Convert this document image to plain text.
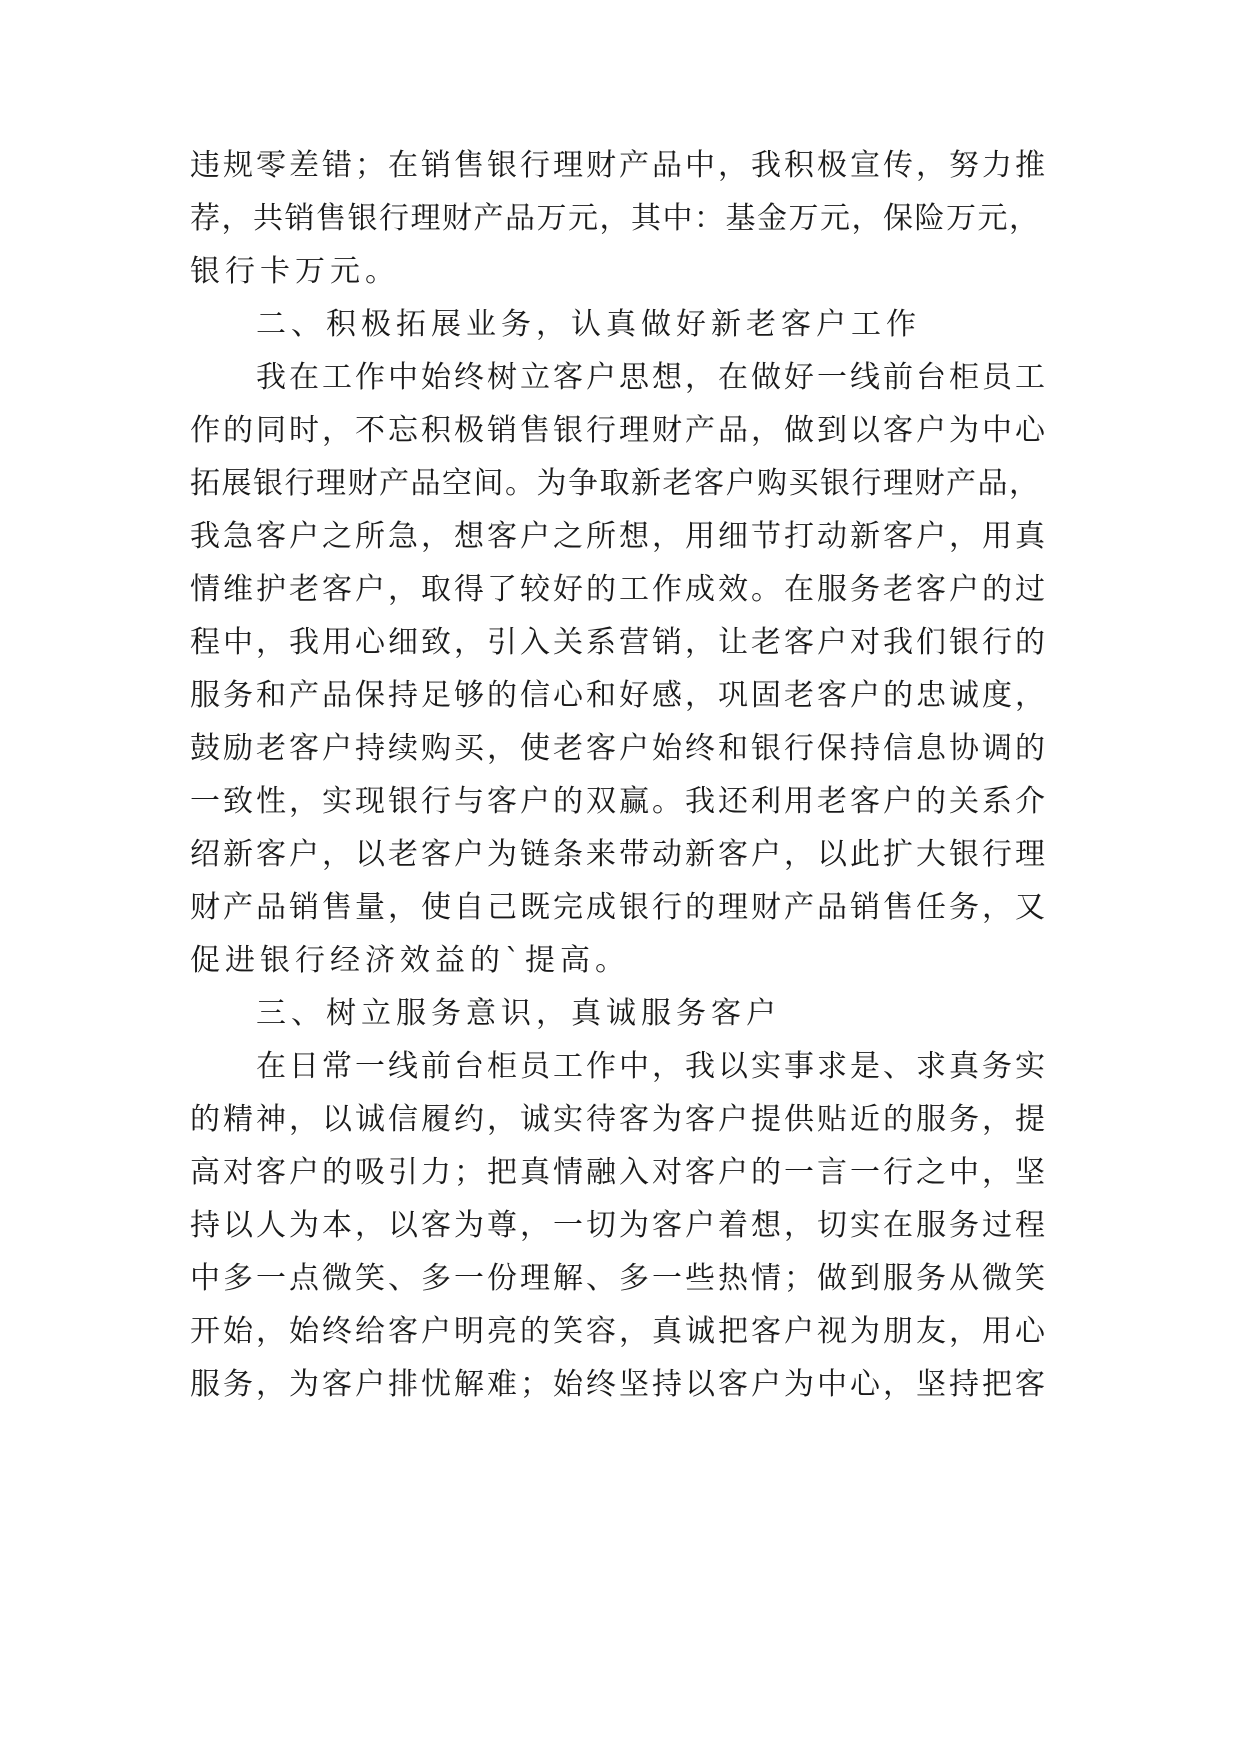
违规零差错；在销售银行理财产品中，我积极宣传，努力推
荐，共销售银行理财产品万元，其中：基金万元，保险万元，
银行卡万元。
二、积极拓展业务，认真做好新老客户工作
我在工作中始终树立客户思想，在做好一线前台柜员工
作的同时，不忘积极销售银行理财产品，做到以客户为中心
拓展银行理财产品空间。为争取新老客户购买银行理财产品，
我急客户之所急，想客户之所想，用细节打动新客户，用真
情维护老客户，取得了较好的工作成效。在服务老客户的过
程中，我用心细致，引入关系营销，让老客户对我们银行的
服务和产品保持足够的信心和好感，巩固老客户的忠诚度，
鼓励老客户持续购买，使老客户始终和银行保持信息协调的
一致性，实现银行与客户的双赢。我还利用老客户的关系介
绍新客户，以老客户为链条来带动新客户，以此扩大银行理
财产品销售量，使自己既完成银行的理财产品销售任务，又
促进银行经济效益的`提高。
三、树立服务意识，真诚服务客户
在日常一线前台柜员工作中，我以实事求是、求真务实
的精神，以诚信履约，诚实待客为客户提供贴近的服务，提
高对客户的吸引力；把真情融入对客户的一言一行之中，坚
持以人为本，以客为尊，一切为客户着想，切实在服务过程
中多一点微笑、多一份理解、多一些热情；做到服务从微笑
开始，始终给客户明亮的笑容，真诚把客户视为朋友，用心
服务，为客户排忧解难；始终坚持以客户为中心，坚持把客
